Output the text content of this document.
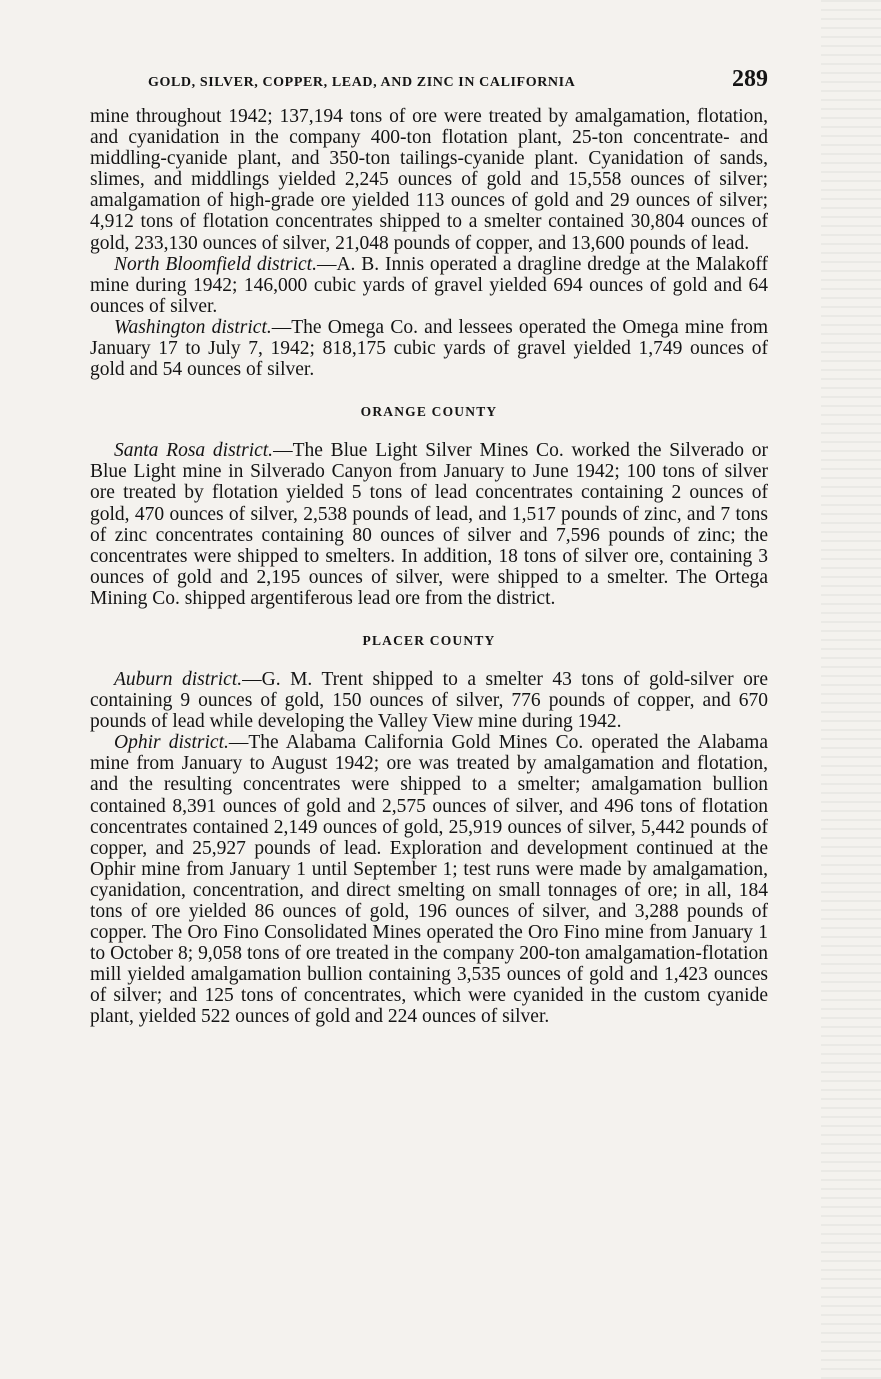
GOLD, SILVER, COPPER, LEAD, AND ZINC IN CALIFORNIA	289

mine throughout 1942; 137,194 tons of ore were treated by amalgamation, flotation, and cyanidation in the company 400-ton flotation plant, 25-ton concentrate- and middling-cyanide plant, and 350-ton tailings-cyanide plant. Cyanidation of sands, slimes, and middlings yielded 2,245 ounces of gold and 15,558 ounces of silver; amalgamation of high-grade ore yielded 113 ounces of gold and 29 ounces of silver; 4,912 tons of flotation concentrates shipped to a smelter contained 30,804 ounces of gold, 233,130 ounces of silver, 21,048 pounds of copper, and 13,600 pounds of lead.

North Bloomfield district.—A. B. Innis operated a dragline dredge at the Malakoff mine during 1942; 146,000 cubic yards of gravel yielded 694 ounces of gold and 64 ounces of silver.

Washington district.—The Omega Co. and lessees operated the Omega mine from January 17 to July 7, 1942; 818,175 cubic yards of gravel yielded 1,749 ounces of gold and 54 ounces of silver.

ORANGE COUNTY

Santa Rosa district.—The Blue Light Silver Mines Co. worked the Silverado or Blue Light mine in Silverado Canyon from January to June 1942; 100 tons of silver ore treated by flotation yielded 5 tons of lead concentrates containing 2 ounces of gold, 470 ounces of silver, 2,538 pounds of lead, and 1,517 pounds of zinc, and 7 tons of zinc concentrates containing 80 ounces of silver and 7,596 pounds of zinc; the concentrates were shipped to smelters. In addition, 18 tons of silver ore, containing 3 ounces of gold and 2,195 ounces of silver, were shipped to a smelter. The Ortega Mining Co. shipped argentiferous lead ore from the district.

PLACER COUNTY

Auburn district.—G. M. Trent shipped to a smelter 43 tons of gold-silver ore containing 9 ounces of gold, 150 ounces of silver, 776 pounds of copper, and 670 pounds of lead while developing the Valley View mine during 1942.

Ophir district.—The Alabama California Gold Mines Co. operated the Alabama mine from January to August 1942; ore was treated by amalgamation and flotation, and the resulting concentrates were shipped to a smelter; amalgamation bullion contained 8,391 ounces of gold and 2,575 ounces of silver, and 496 tons of flotation concentrates contained 2,149 ounces of gold, 25,919 ounces of silver, 5,442 pounds of copper, and 25,927 pounds of lead. Exploration and development continued at the Ophir mine from January 1 until September 1; test runs were made by amalgamation, cyanidation, concentration, and direct smelting on small tonnages of ore; in all, 184 tons of ore yielded 86 ounces of gold, 196 ounces of silver, and 3,288 pounds of copper. The Oro Fino Consolidated Mines operated the Oro Fino mine from January 1 to October 8; 9,058 tons of ore treated in the company 200-ton amalgamation-flotation mill yielded amalgamation bullion containing 3,535 ounces of gold and 1,423 ounces of silver; and 125 tons of concentrates, which were cyanided in the custom cyanide plant, yielded 522 ounces of gold and 224 ounces of silver.
